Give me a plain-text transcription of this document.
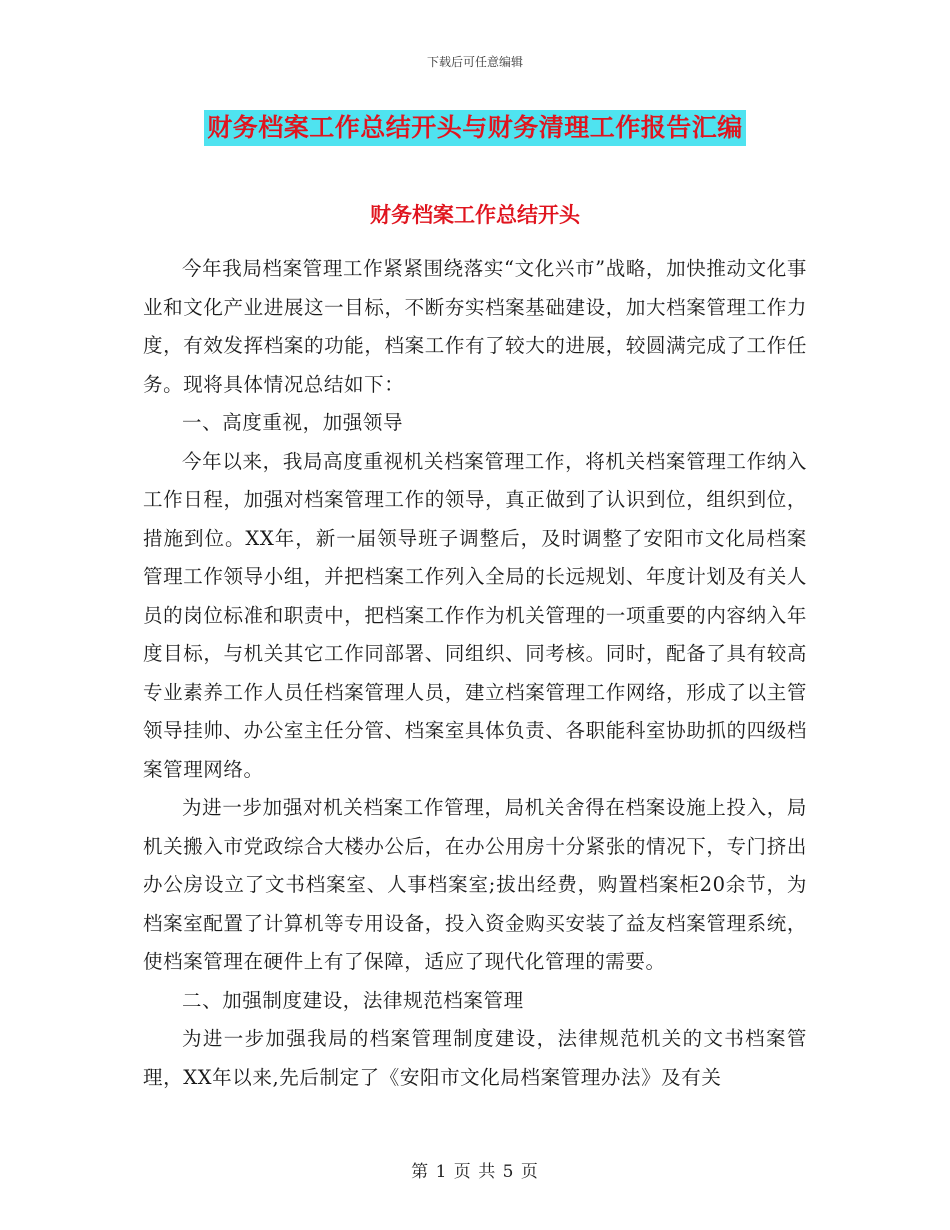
下载后可任意编辑
财务档案工作总结开头与财务清理工作报告汇编
财务档案工作总结开头

今年我局档案管理工作紧紧围绕落实“文化兴市”战略，加快推动文化事业和文化产业进展这一目标，不断夯实档案基础建设，加大档案管理工作力度，有效发挥档案的功能，档案工作有了较大的进展，较圆满完成了工作任务。现将具体情况总结如下：

一、高度重视，加强领导

今年以来，我局高度重视机关档案管理工作，将机关档案管理工作纳入工作日程，加强对档案管理工作的领导，真正做到了认识到位，组织到位，措施到位。XX年，新一届领导班子调整后，及时调整了安阳市文化局档案管理工作领导小组，并把档案工作列入全局的长远规划、年度计划及有关人员的岗位标准和职责中，把档案工作作为机关管理的一项重要的内容纳入年度目标，与机关其它工作同部署、同组织、同考核。同时，配备了具有较高专业素养工作人员任档案管理人员，建立档案管理工作网络，形成了以主管领导挂帅、办公室主任分管、档案室具体负责、各职能科室协助抓的四级档案管理网络。

为进一步加强对机关档案工作管理，局机关舍得在档案设施上投入，局机关搬入市党政综合大楼办公后，在办公用房十分紧张的情况下，专门挤出办公房设立了文书档案室、人事档案室;拔出经费，购置档案柜20余节，为档案室配置了计算机等专用设备，投入资金购买安装了益友档案管理系统，使档案管理在硬件上有了保障，适应了现代化管理的需要。

二、加强制度建设，法律规范档案管理

为进一步加强我局的档案管理制度建设，法律规范机关的文书档案管理，XX年以来,先后制定了《安阳市文化局档案管理办法》及有关

第 1 页 共 5 页
